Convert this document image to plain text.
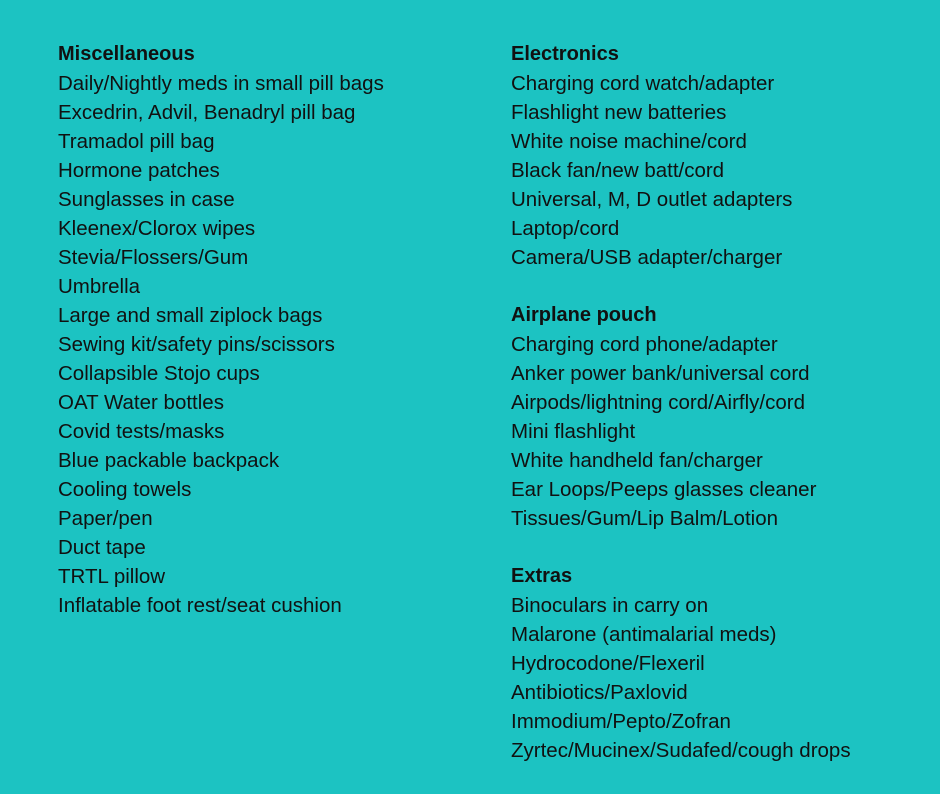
Miscellaneous
Daily/Nightly meds in small pill bags
Excedrin, Advil, Benadryl pill bag
Tramadol pill bag
Hormone patches
Sunglasses in case
Kleenex/Clorox wipes
Stevia/Flossers/Gum
Umbrella
Large and small ziplock bags
Sewing kit/safety pins/scissors
Collapsible Stojo cups
OAT Water bottles
Covid tests/masks
Blue packable backpack
Cooling towels
Paper/pen
Duct tape
TRTL pillow
Inflatable foot rest/seat cushion
Electronics
Charging cord watch/adapter
Flashlight new batteries
White noise machine/cord
Black fan/new batt/cord
Universal, M, D outlet adapters
Laptop/cord
Camera/USB adapter/charger
Airplane pouch
Charging cord phone/adapter
Anker power bank/universal cord
Airpods/lightning cord/Airfly/cord
Mini flashlight
White handheld fan/charger
Ear Loops/Peeps glasses cleaner
Tissues/Gum/Lip Balm/Lotion
Extras
Binoculars in carry on
Malarone (antimalarial meds)
Hydrocodone/Flexeril
Antibiotics/Paxlovid
Immodium/Pepto/Zofran
Zyrtec/Mucinex/Sudafed/cough drops
